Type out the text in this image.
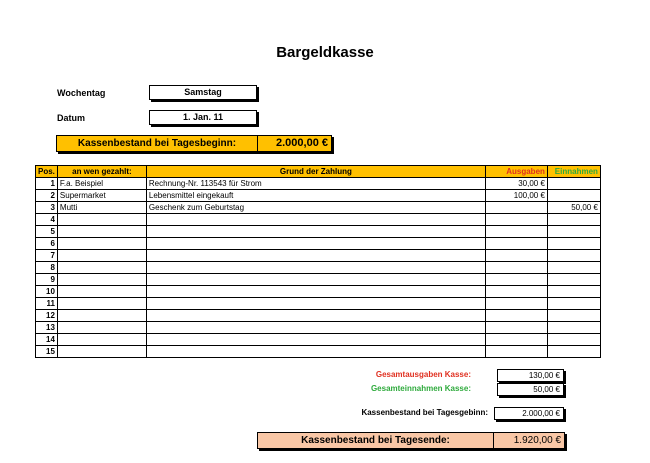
Bargeldkasse
Wochentag	Samstag
Datum	1. Jan. 11
Kassenbestand bei Tagesbeginn:	2.000,00 €
Pos.	an wen gezahlt:	Grund der Zahlung	Ausgaben	Einnahmen
1	F.a. Beispiel	Rechnung-Nr. 113543 für Strom	30,00 €	
2	Supermarket	Lebensmittel eingekauft	100,00 €	
3	Mutti	Geschenk zum Geburtstag		50,00 €
4				
5				
6				
7				
8				
9				
10				
11				
12				
13				
14				
15				
Gesamtausgaben Kasse:	130,00 €
Gesamteinnahmen Kasse:	50,00 €
Kassenbestand bei Tagesgebinn:	2.000,00 €
Kassenbestand bei Tagesende:	1.920,00 €
